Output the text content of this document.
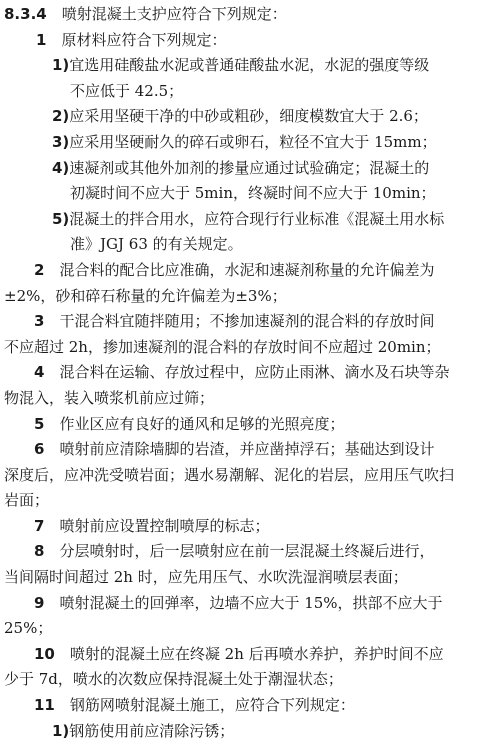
8.3.4  喷射混凝土支护应符合下列规定：
1  原材料应符合下列规定：
1)宜选用硅酸盐水泥或普通硅酸盐水泥，水泥的强度等级
不应低于 42.5；
2)应采用坚硬干净的中砂或粗砂，细度模数宜大于 2.6；
3)应采用坚硬耐久的碎石或卵石，粒径不宜大于 15mm；
4)速凝剂或其他外加剂的掺量应通过试验确定；混凝土的
初凝时间不应大于 5min，终凝时间不应大于 10min；
5)混凝土的拌合用水，应符合现行行业标准《混凝土用水标
准》JGJ 63 的有关规定。
2  混合料的配合比应准确，水泥和速凝剂称量的允许偏差为
±2%，砂和碎石称量的允许偏差为±3%；
3  干混合料宜随拌随用；不掺加速凝剂的混合料的存放时间
不应超过 2h，掺加速凝剂的混合料的存放时间不应超过 20min；
4  混合料在运输、存放过程中，应防止雨淋、滴水及石块等杂
物混入，装入喷浆机前应过筛；
5  作业区应有良好的通风和足够的光照亮度；
6  喷射前应清除墙脚的岩渣，并应凿掉浮石；基础达到设计
深度后，应冲洗受喷岩面；遇水易潮解、泥化的岩层，应用压气吹扫
岩面；
7  喷射前应设置控制喷厚的标志；
8  分层喷射时，后一层喷射应在前一层混凝土终凝后进行，
当间隔时间超过 2h 时，应先用压气、水吹洗湿润喷层表面；
9  喷射混凝土的回弹率，边墙不应大于 15%，拱部不应大于
25%；
10  喷射的混凝土应在终凝 2h 后再喷水养护，养护时间不应
少于 7d，喷水的次数应保持混凝土处于潮湿状态；
11  钢筋网喷射混凝土施工，应符合下列规定：
1)钢筋使用前应清除污锈；
